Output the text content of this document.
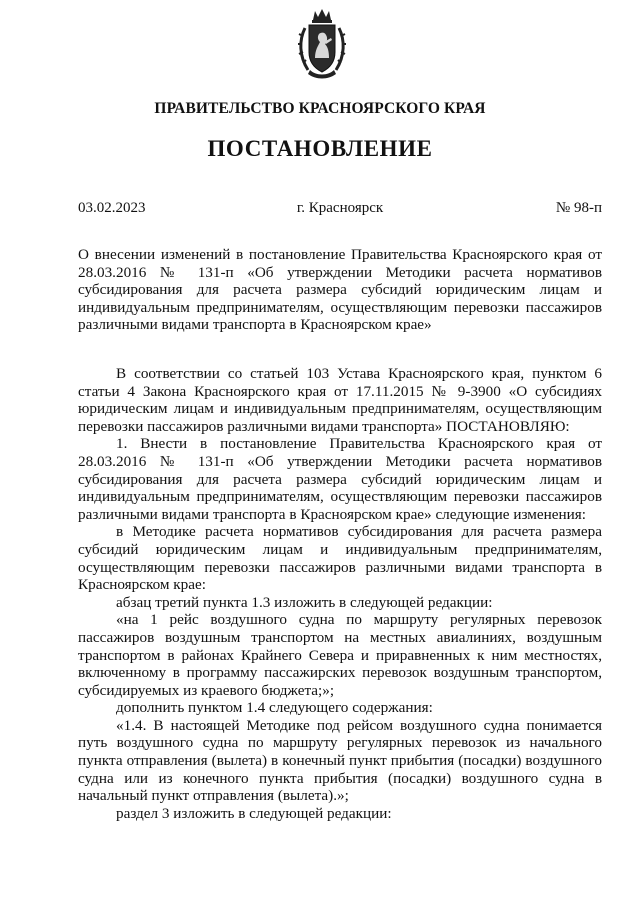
ПРАВИТЕЛЬСТВО КРАСНОЯРСКОГО КРАЯ
ПОСТАНОВЛЕНИЕ
г. Красноярск
03.02.2023	№ 98-п
О внесении изменений в постановление Правительства Красноярского края от 28.03.2016 № 131-п «Об утверждении Методики расчета нормативов субсидирования для расчета размера субсидий юридическим лицам и индивидуальным предпринимателям, осуществляющим перевозки пассажиров различными видами транспорта в Красноярском крае»

В соответствии со статьей 103 Устава Красноярского края, пунктом 6 статьи 4 Закона Красноярского края от 17.11.2015 № 9-3900 «О субсидиях юридическим лицам и индивидуальным предпринимателям, осуществляющим перевозки пассажиров различными видами транспорта» ПОСТАНОВЛЯЮ:

1. Внести в постановление Правительства Красноярского края от 28.03.2016 № 131-п «Об утверждении Методики расчета нормативов субсидирования для расчета размера субсидий юридическим лицам и индивидуальным предпринимателям, осуществляющим перевозки пассажиров различными видами транспорта в Красноярском крае» следующие изменения:

в Методике расчета нормативов субсидирования для расчета размера субсидий юридическим лицам и индивидуальным предпринимателям, осуществляющим перевозки пассажиров различными видами транспорта в Красноярском крае:

абзац третий пункта 1.3 изложить в следующей редакции:

«на 1 рейс воздушного судна по маршруту регулярных перевозок пассажиров воздушным транспортом на местных авиалиниях, воздушным транспортом в районах Крайнего Севера и приравненных к ним местностях, включенному в программу пассажирских перевозок воздушным транспортом, субсидируемых из краевого бюджета;»;

дополнить пунктом 1.4 следующего содержания:

«1.4. В настоящей Методике под рейсом воздушного судна понимается путь воздушного судна по маршруту регулярных перевозок из начального пункта отправления (вылета) в конечный пункт прибытия (посадки) воздушного судна или из конечного пункта прибытия (посадки) воздушного судна в начальный пункт отправления (вылета).»;

раздел 3 изложить в следующей редакции:
